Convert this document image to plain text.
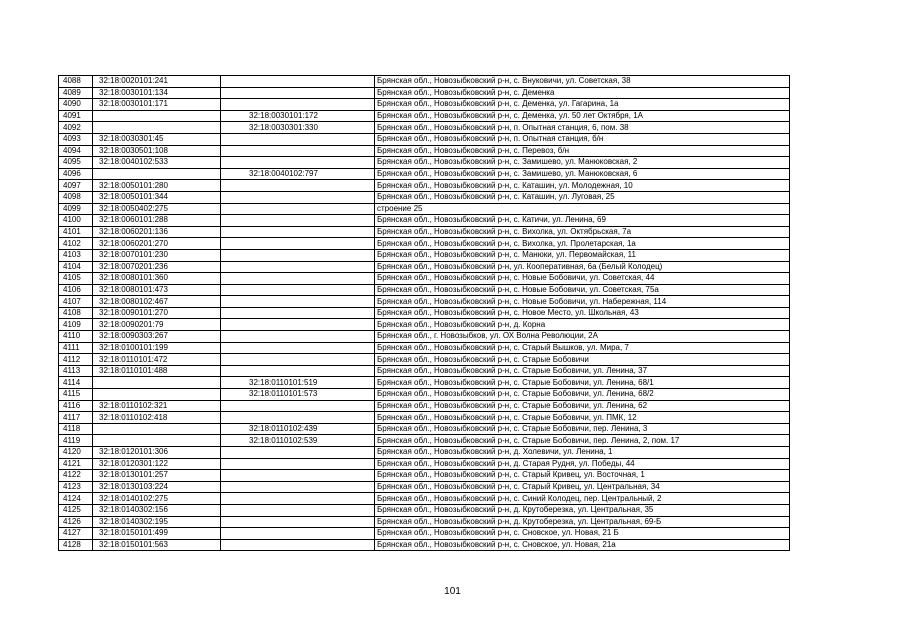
4088	32:18:0020101:241		Брянская обл., Новозыбковский р-н, с. Внуковичи, ул. Советская, 38
4089	32:18:0030101:134		Брянская обл., Новозыбковский р-н, с. Деменка
4090	32:18:0030101:171		Брянская обл., Новозыбковский р-н, с. Деменка, ул. Гагарина, 1а
4091		32:18:0030101:172	Брянская обл., Новозыбковский р-н, с. Деменка, ул. 50 лет Октября, 1А
4092		32:18:0030301:330	Брянская обл., Новозыбковский р-н, п. Опытная станция, 6, пом. 38
4093	32:18:0030301:45		Брянская обл., Новозыбковский р-н, п. Опытная станция, б/н
4094	32:18:0030501:108		Брянская обл., Новозыбковский р-н, с. Перевоз, б/н
4095	32:18:0040102:533		Брянская обл., Новозыбковский р-н, с. Замишево, ул. Манюковская, 2
4096		32:18:0040102:797	Брянская обл., Новозыбковский р-н, с. Замишево, ул. Манюковская, 6
4097	32:18:0050101:280		Брянская обл., Новозыбковский р-н, с. Каташин, ул. Молодежная, 10
4098	32:18:0050101:344		Брянская обл., Новозыбковский р-н, с. Каташин, ул. Луговая, 25
4099	32:18:0050402:275		строение 25
4100	32:18:0060101:288		Брянская обл., Новозыбковский р-н, с. Катичи, ул. Ленина, 69
4101	32:18:0060201:136		Брянская обл., Новозыбковский р-н, с. Вихолка, ул. Октябрьская, 7а
4102	32:18:0060201:270		Брянская обл., Новозыбковский р-н, с. Вихолка, ул. Пролетарская, 1а
4103	32:18:0070101:230		Брянская обл., Новозыбковский р-н, с. Манюки, ул. Первомайская, 11
4104	32:18:0070201:236		Брянская обл., Новозыбковский р-н, ул. Кооперативная, 6а (Белый Колодец)
4105	32:18:0080101:360		Брянская обл., Новозыбковский р-н, с. Новые Бобовичи, ул. Советская, 44
4106	32:18:0080101:473		Брянская обл., Новозыбковский р-н, с. Новые Бобовичи, ул. Советская, 75а
4107	32:18:0080102:467		Брянская обл., Новозыбковский р-н, с. Новые Бобовичи, ул. Набережная, 114
4108	32:18:0090101:270		Брянская обл., Новозыбковский р-н, с. Новое Место, ул. Школьная, 43
4109	32:18:0090201:79		Брянская обл., Новозыбковский р-н, д. Корна
4110	32:18:0090303:267		Брянская обл., г. Новозыбков, ул. ОХ Волна Революции, 2А
4111	32:18:0100101:199		Брянская обл., Новозыбковский р-н, с. Старый Вышков, ул. Мира, 7
4112	32:18:0110101:472		Брянская обл., Новозыбковский р-н, с. Старые Бобовичи
4113	32:18:0110101:488		Брянская обл., Новозыбковский р-н, с. Старые Бобовичи, ул. Ленина, 37
4114		32:18:0110101:519	Брянская обл., Новозыбковский р-н, с. Старые Бобовичи, ул. Ленина, 68/1
4115		32:18:0110101:573	Брянская обл., Новозыбковский р-н, с. Старые Бобовичи, ул. Ленина, 68/2
4116	32:18:0110102:321		Брянская обл., Новозыбковский р-н, с. Старые Бобовичи, ул. Ленина, 62
4117	32:18:0110102:418		Брянская обл., Новозыбковский р-н, с. Старые Бобовичи, ул. ПМК, 12
4118		32:18:0110102:439	Брянская обл., Новозыбковский р-н, с. Старые Бобовичи, пер. Ленина, 3
4119		32:18:0110102:539	Брянская обл., Новозыбковский р-н, с. Старые Бобовичи, пер. Ленина, 2, пом. 17
4120	32:18:0120101:306		Брянская обл., Новозыбковский р-н, д. Холевичи, ул. Ленина, 1
4121	32:18:0120301:122		Брянская обл., Новозыбковский р-н, д. Старая Рудня, ул. Победы, 44
4122	32:18:0130101:257		Брянская обл., Новозыбковский р-н, с. Старый Кривец, ул. Восточная, 1
4123	32:18:0130103:224		Брянская обл., Новозыбковский р-н, с. Старый Кривец, ул. Центральная, 34
4124	32:18:0140102:275		Брянская обл., Новозыбковский р-н, с. Синий Колодец, пер. Центральный, 2
4125	32:18:0140302:156		Брянская обл., Новозыбковский р-н, д. Крутоберезка, ул. Центральная, 35
4126	32:18:0140302:195		Брянская обл., Новозыбковский р-н, д. Крутоберезка, ул. Центральная, 69-Б
4127	32:18:0150101:499		Брянская обл., Новозыбковский р-н, с. Сновское, ул. Новая, 21 Б
4128	32:18:0150101:563		Брянская обл., Новозыбковский р-н, с. Сновское, ул. Новая, 21а
101
